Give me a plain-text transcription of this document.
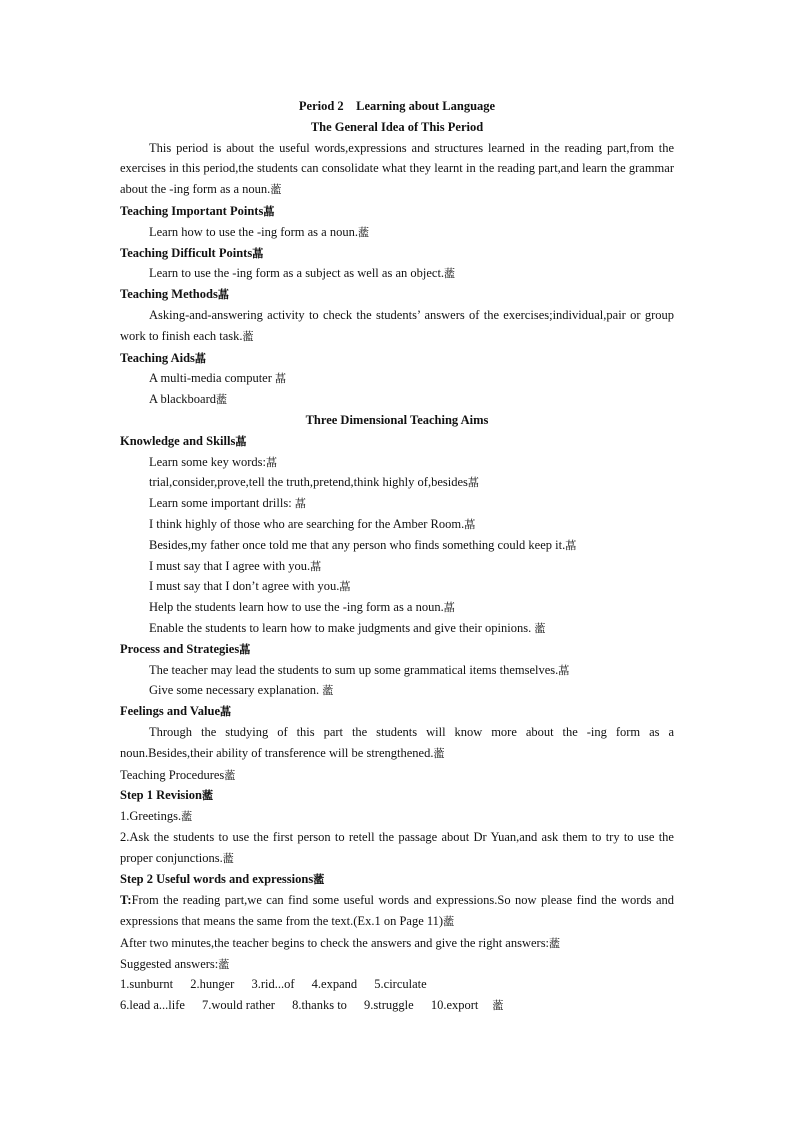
Period 2    Learning about Language
The General Idea of This Period
This period is about the useful words,expressions and structures learned in the reading part,from the exercises in this period,the students can consolidate what they learnt in the reading part,and learn the grammar about the -ing form as a noun.蘫
Teaching Important Points蕌
Learn how to use the -ing form as a noun.蘫
Teaching Difficult Points蕌
Learn to use the -ing form as a subject as well as an object.蘫
Teaching Methods蕌
Asking-and-answering activity to check the students’ answers of the exercises;individual,pair or group work to finish each task.蘫
Teaching Aids蕌
A multi-media computer 蕌
A blackboard蘫
Three Dimensional Teaching Aims
Knowledge and Skills蕌
Learn some key words:蕌
trial,consider,prove,tell the truth,pretend,think highly of,besides蕌
Learn some important drills: 蕌
I think highly of those who are searching for the Amber Room.蕌
Besides,my father once told me that any person who finds something could keep it.蕌
I must say that I agree with you.蕌
I must say that I don’t agree with you.蕌
Help the students learn how to use the -ing form as a noun.蕌
Enable the students to learn how to make judgments and give their opinions. 蘫
Process and Strategies蕌
The teacher may lead the students to sum up some grammatical items themselves.蕌
Give some necessary explanation. 蘫
Feelings and Value蕌
Through the studying of this part the students will know more about the -ing form as a noun.Besides,their ability of transference will be strengthened.蘫
Teaching Procedures蘫
Step 1 Revision蘫
1.Greetings.蘫
2.Ask the students to use the first person to retell the passage about Dr Yuan,and ask them to try to use the proper conjunctions.蘫
Step 2 Useful words and expressions蘫
T:From the reading part,we can find some useful words and expressions.So now please find the words and expressions that means the same from the text.(Ex.1 on Page 11)蘫
After two minutes,the teacher begins to check the answers and give the right answers:蘫
Suggested answers:蘫
1.sunburnt 2.hunger 3.rid...of 4.expand 5.circulate
6.lead a...life 7.would rather 8.thanks to 9.struggle 10.export 蘫
